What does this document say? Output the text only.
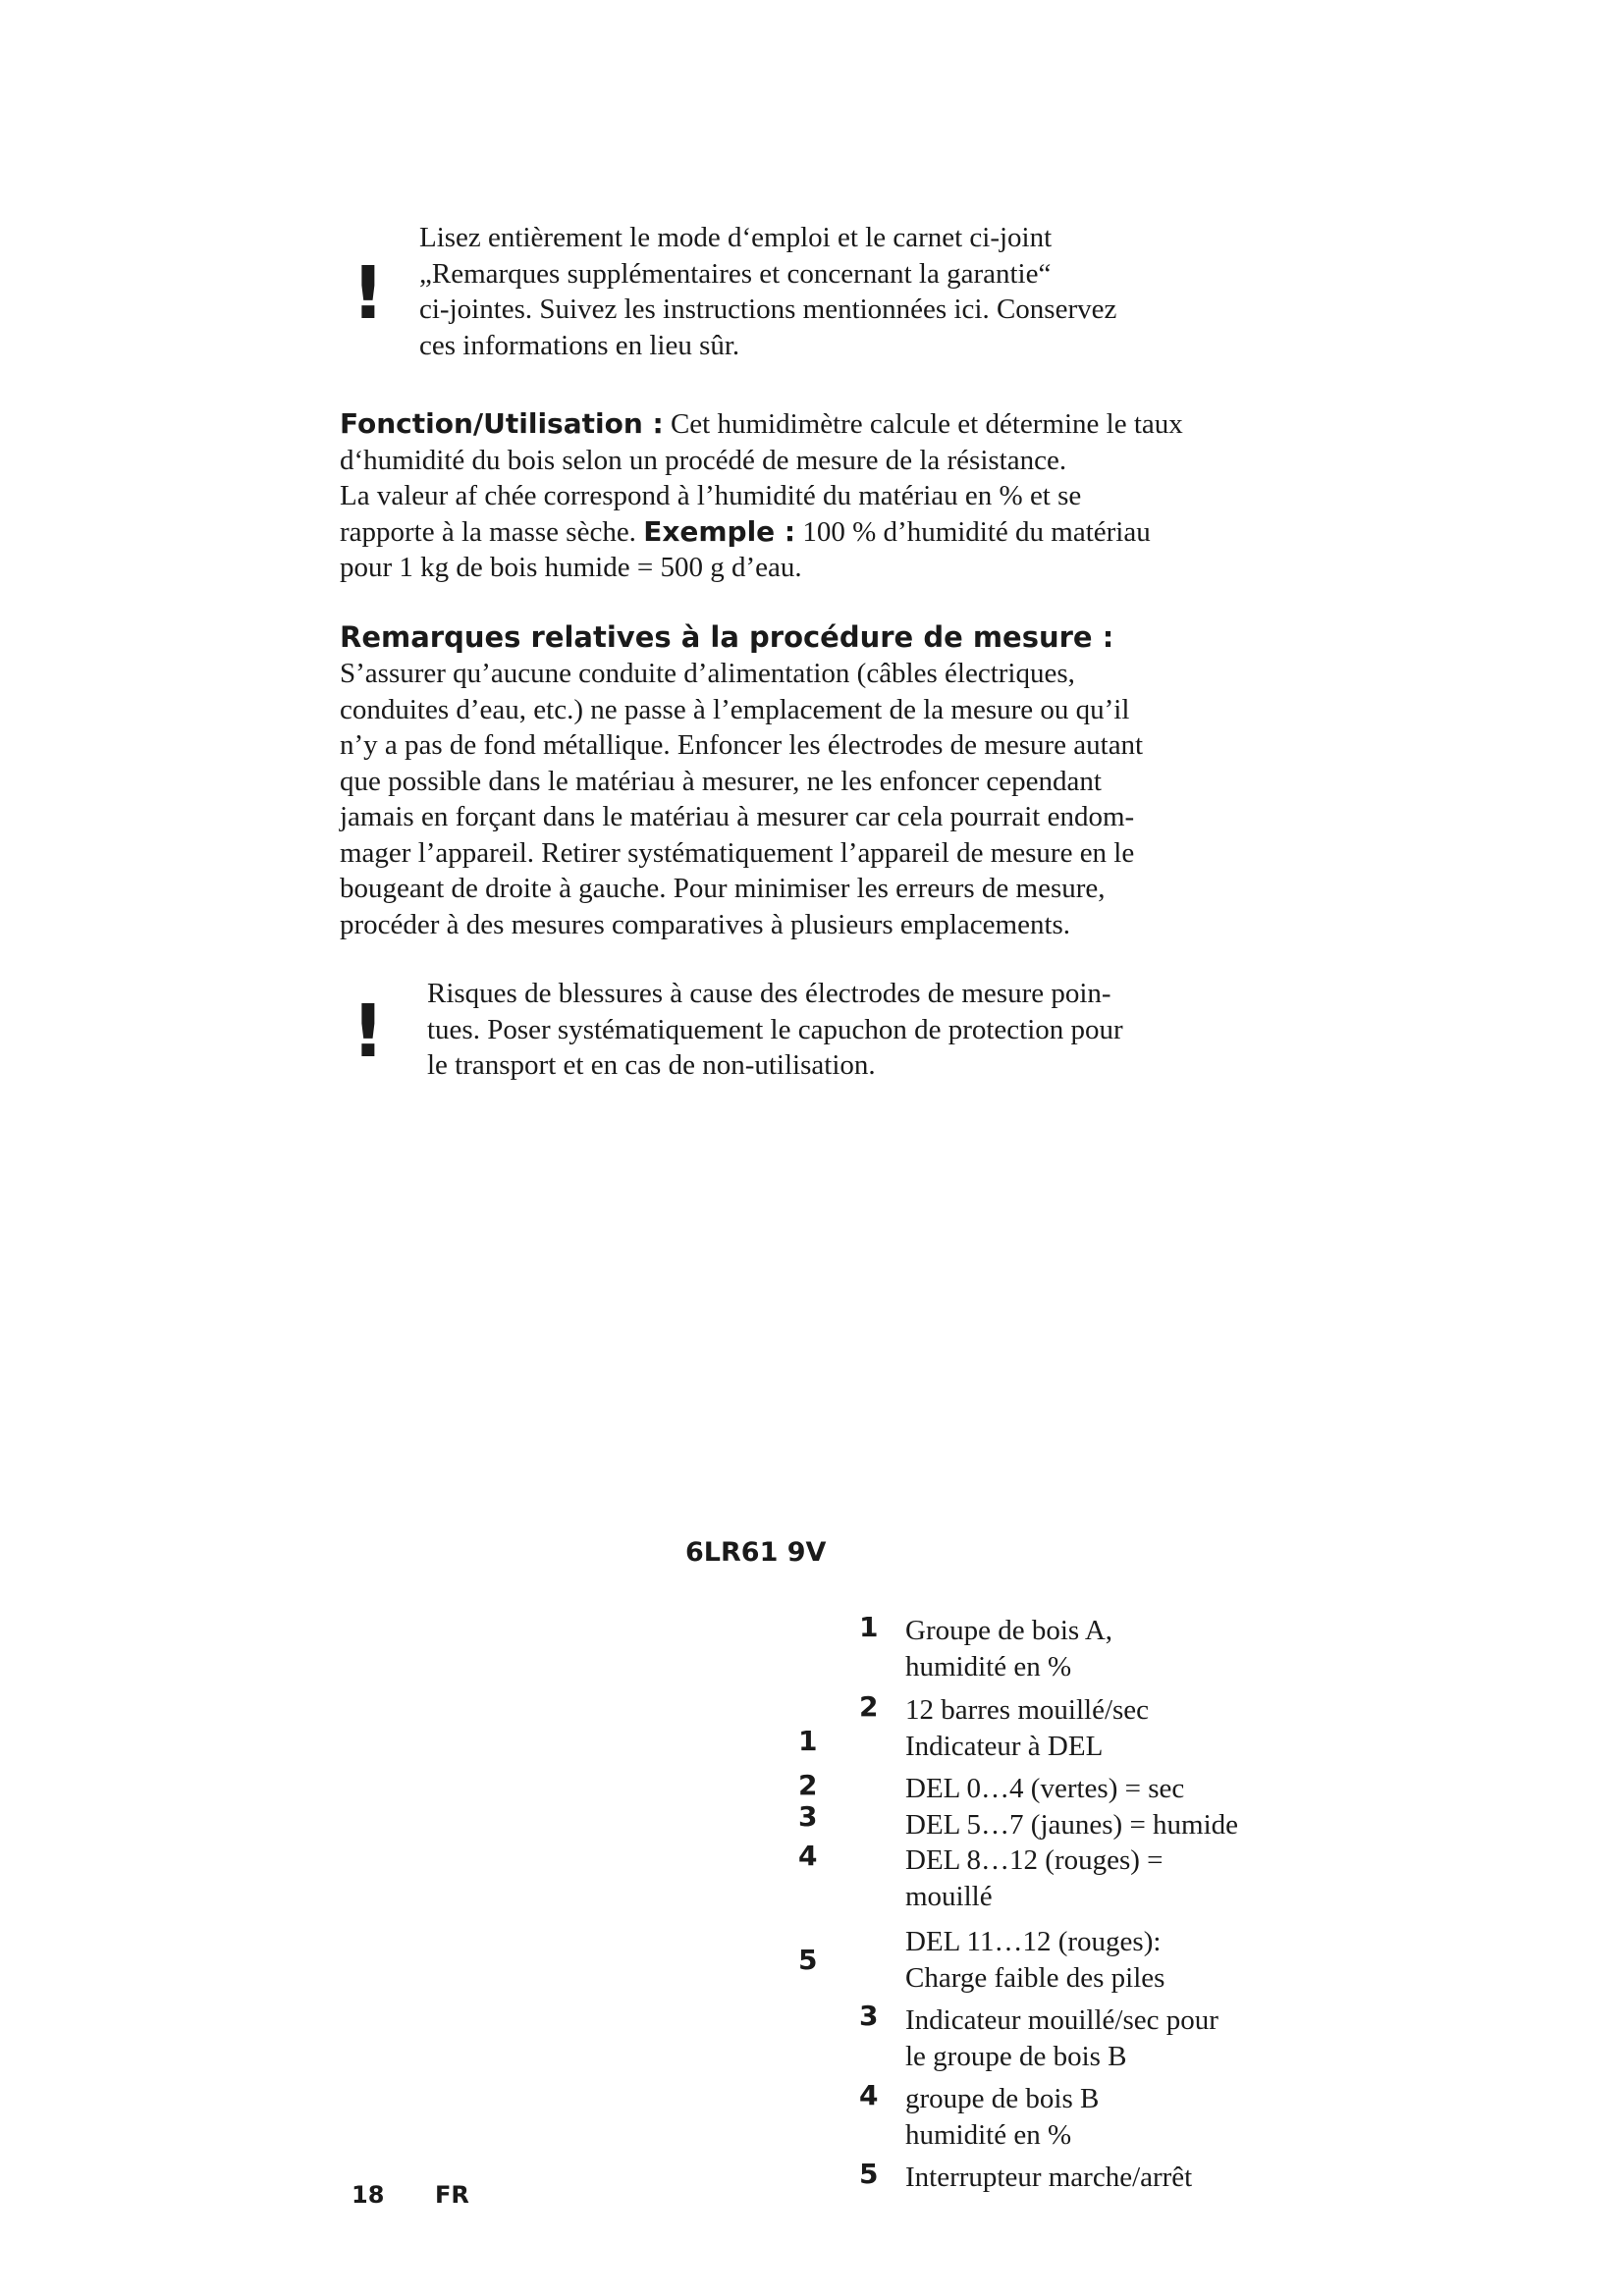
!
Lisez entièrement le mode d‘emploi et le carnet ci-joint
„Remarques supplémentaires et concernant la garantie“
ci-jointes. Suivez les instructions mentionnées ici. Conservez
ces informations en lieu sûr.
Fonction/Utilisation : Cet humidimètre calcule et détermine le taux
d‘humidité du bois selon un procédé de mesure de la résistance.
La valeur af chée correspond à l’humidité du matériau en % et se
rapporte à la masse sèche. Exemple : 100 % d’humidité du matériau
pour 1 kg de bois humide = 500 g d’eau.
Remarques relatives à la procédure de mesure :
S’assurer qu’aucune conduite d’alimentation (câbles électriques,
conduites d’eau, etc.) ne passe à l’emplacement de la mesure ou qu’il
n’y a pas de fond métallique. Enfoncer les électrodes de mesure autant
que possible dans le matériau à mesurer, ne les enfoncer cependant
jamais en forçant dans le matériau à mesurer car cela pourrait endom-
mager l’appareil. Retirer systématiquement l’appareil de mesure en le
bougeant de droite à gauche. Pour minimiser les erreurs de mesure,
procéder à des mesures comparatives à plusieurs emplacements.
! Risques de blessures à cause des électrodes de mesure poin-
tues. Poser systématiquement le capuchon de protection pour
le transport et en cas de non-utilisation.
6LR61 9V
1
2
3
4
5
1
2
3
4
5
Groupe de bois A,
humidité en %
12 barres mouillé/sec
Indicateur à DEL
DEL 0…4 (vertes) = sec
DEL 5…7 (jaunes) = humide
DEL 8…12 (rouges) =
mouillé
DEL 11…12 (rouges):
Charge faible des piles
Indicateur mouillé/sec pour
le groupe de bois B
groupe de bois B
humidité en %
Interrupteur marche/arrêt
18 FR
